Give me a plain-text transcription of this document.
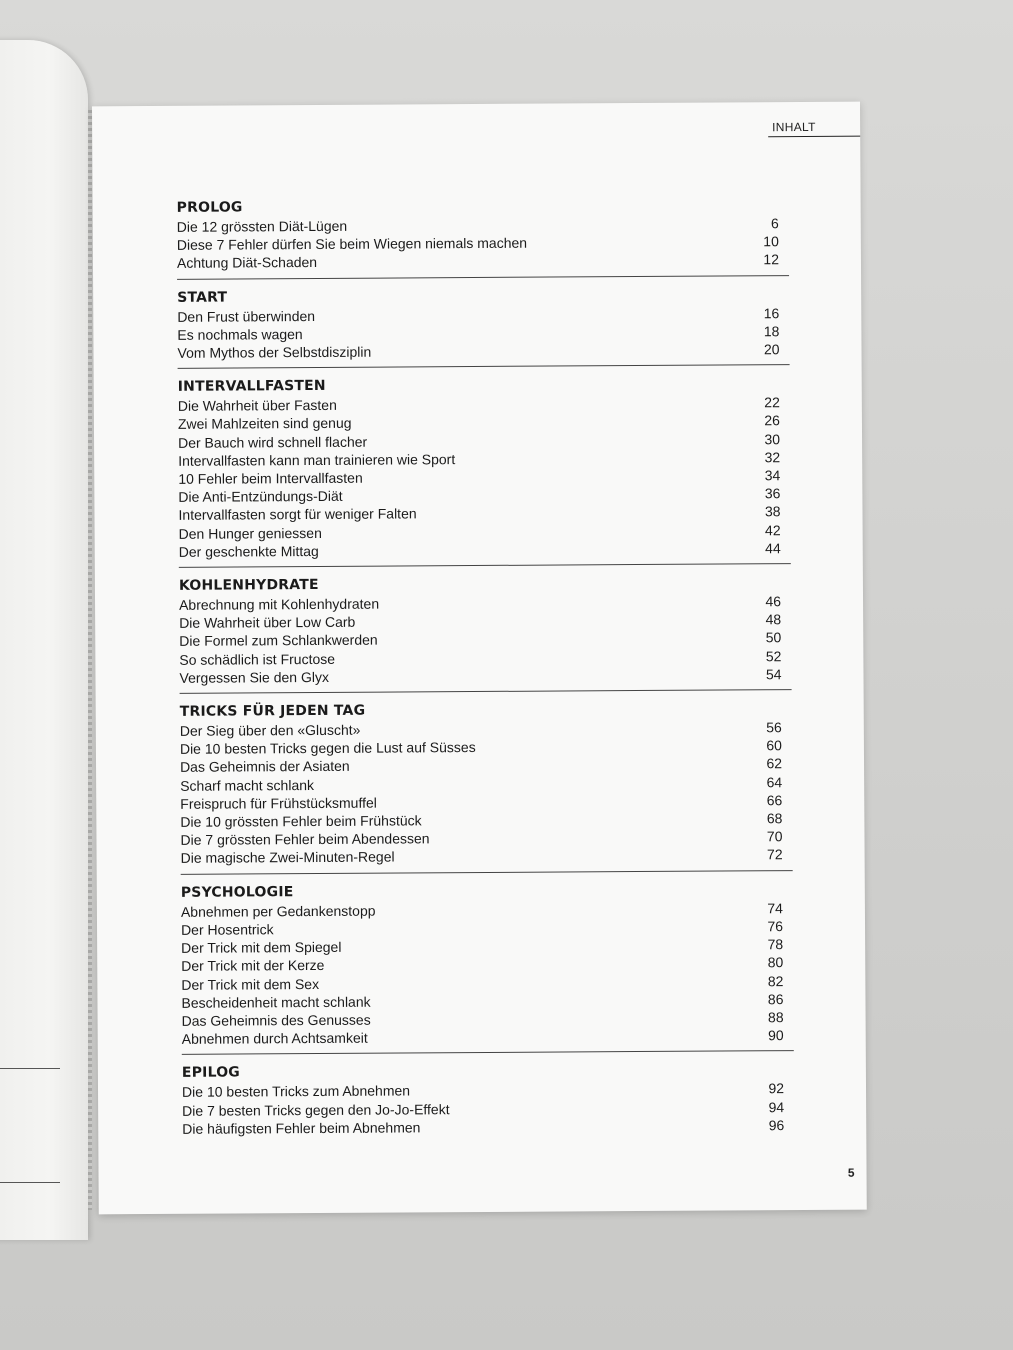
INHALT
PROLOG
Die 12 grössten Diät-Lügen	6
Diese 7 Fehler dürfen Sie beim Wiegen niemals machen	10
Achtung Diät-Schaden	12
START
Den Frust überwinden	16
Es nochmals wagen	18
Vom Mythos der Selbstdisziplin	20
INTERVALLFASTEN
Die Wahrheit über Fasten	22
Zwei Mahlzeiten sind genug	26
Der Bauch wird schnell flacher	30
Intervallfasten kann man trainieren wie Sport	32
10 Fehler beim Intervallfasten	34
Die Anti-Entzündungs-Diät	36
Intervallfasten sorgt für weniger Falten	38
Den Hunger geniessen	42
Der geschenkte Mittag	44
KOHLENHYDRATE
Abrechnung mit Kohlenhydraten	46
Die Wahrheit über Low Carb	48
Die Formel zum Schlankwerden	50
So schädlich ist Fructose	52
Vergessen Sie den Glyx	54
TRICKS FÜR JEDEN TAG
Der Sieg über den «Gluscht»	56
Die 10 besten Tricks gegen die Lust auf Süsses	60
Das Geheimnis der Asiaten	62
Scharf macht schlank	64
Freispruch für Frühstücksmuffel	66
Die 10 grössten Fehler beim Frühstück	68
Die 7 grössten Fehler beim Abendessen	70
Die magische Zwei-Minuten-Regel	72
PSYCHOLOGIE
Abnehmen per Gedankenstopp	74
Der Hosentrick	76
Der Trick mit dem Spiegel	78
Der Trick mit der Kerze	80
Der Trick mit dem Sex	82
Bescheidenheit macht schlank	86
Das Geheimnis des Genusses	88
Abnehmen durch Achtsamkeit	90
EPILOG
Die 10 besten Tricks zum Abnehmen	92
Die 7 besten Tricks gegen den Jo-Jo-Effekt	94
Die häufigsten Fehler beim Abnehmen	96
5
